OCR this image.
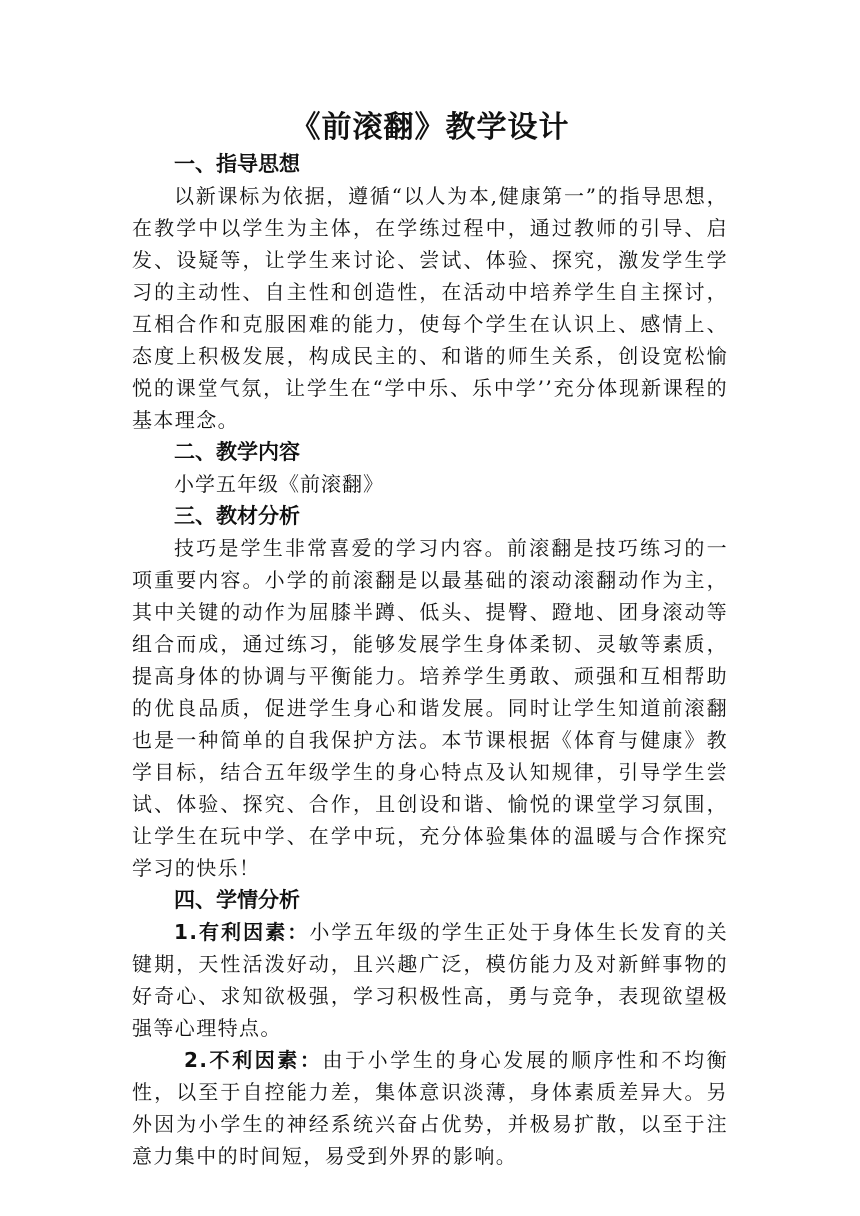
《前滚翻》教学设计
一、指导思想

以新课标为依据，遵循“以人为本,健康第一”的指导思想，在教学中以学生为主体，在学练过程中，通过教师的引导、启发、设疑等，让学生来讨论、尝试、体验、探究，激发学生学习的主动性、自主性和创造性，在活动中培养学生自主探讨，互相合作和克服困难的能力，使每个学生在认识上、感情上、态度上积极发展，构成民主的、和谐的师生关系，创设宽松愉悦的课堂气氛，让学生在“学中乐、乐中学’’充分体现新课程的基本理念。

二、教学内容

小学五年级《前滚翻》

三、教材分析

技巧是学生非常喜爱的学习内容。前滚翻是技巧练习的一项重要内容。小学的前滚翻是以最基础的滚动滚翻动作为主，其中关键的动作为屈膝半蹲、低头、提臀、蹬地、团身滚动等组合而成，通过练习，能够发展学生身体柔韧、灵敏等素质，提高身体的协调与平衡能力。培养学生勇敢、顽强和互相帮助的优良品质，促进学生身心和谐发展。同时让学生知道前滚翻也是一种简单的自我保护方法。本节课根据《体育与健康》教学目标，结合五年级学生的身心特点及认知规律，引导学生尝试、体验、探究、合作，且创设和谐、愉悦的课堂学习氛围，让学生在玩中学、在学中玩，充分体验集体的温暖与合作探究学习的快乐！

四、学情分析

1.有利因素：小学五年级的学生正处于身体生长发育的关键期，天性活泼好动，且兴趣广泛，模仿能力及对新鲜事物的好奇心、求知欲极强，学习积极性高，勇与竞争，表现欲望极强等心理特点。

2.不利因素：由于小学生的身心发展的顺序性和不均衡性，以至于自控能力差，集体意识淡薄，身体素质差异大。另外因为小学生的神经系统兴奋占优势，并极易扩散，以至于注意力集中的时间短，易受到外界的影响。
